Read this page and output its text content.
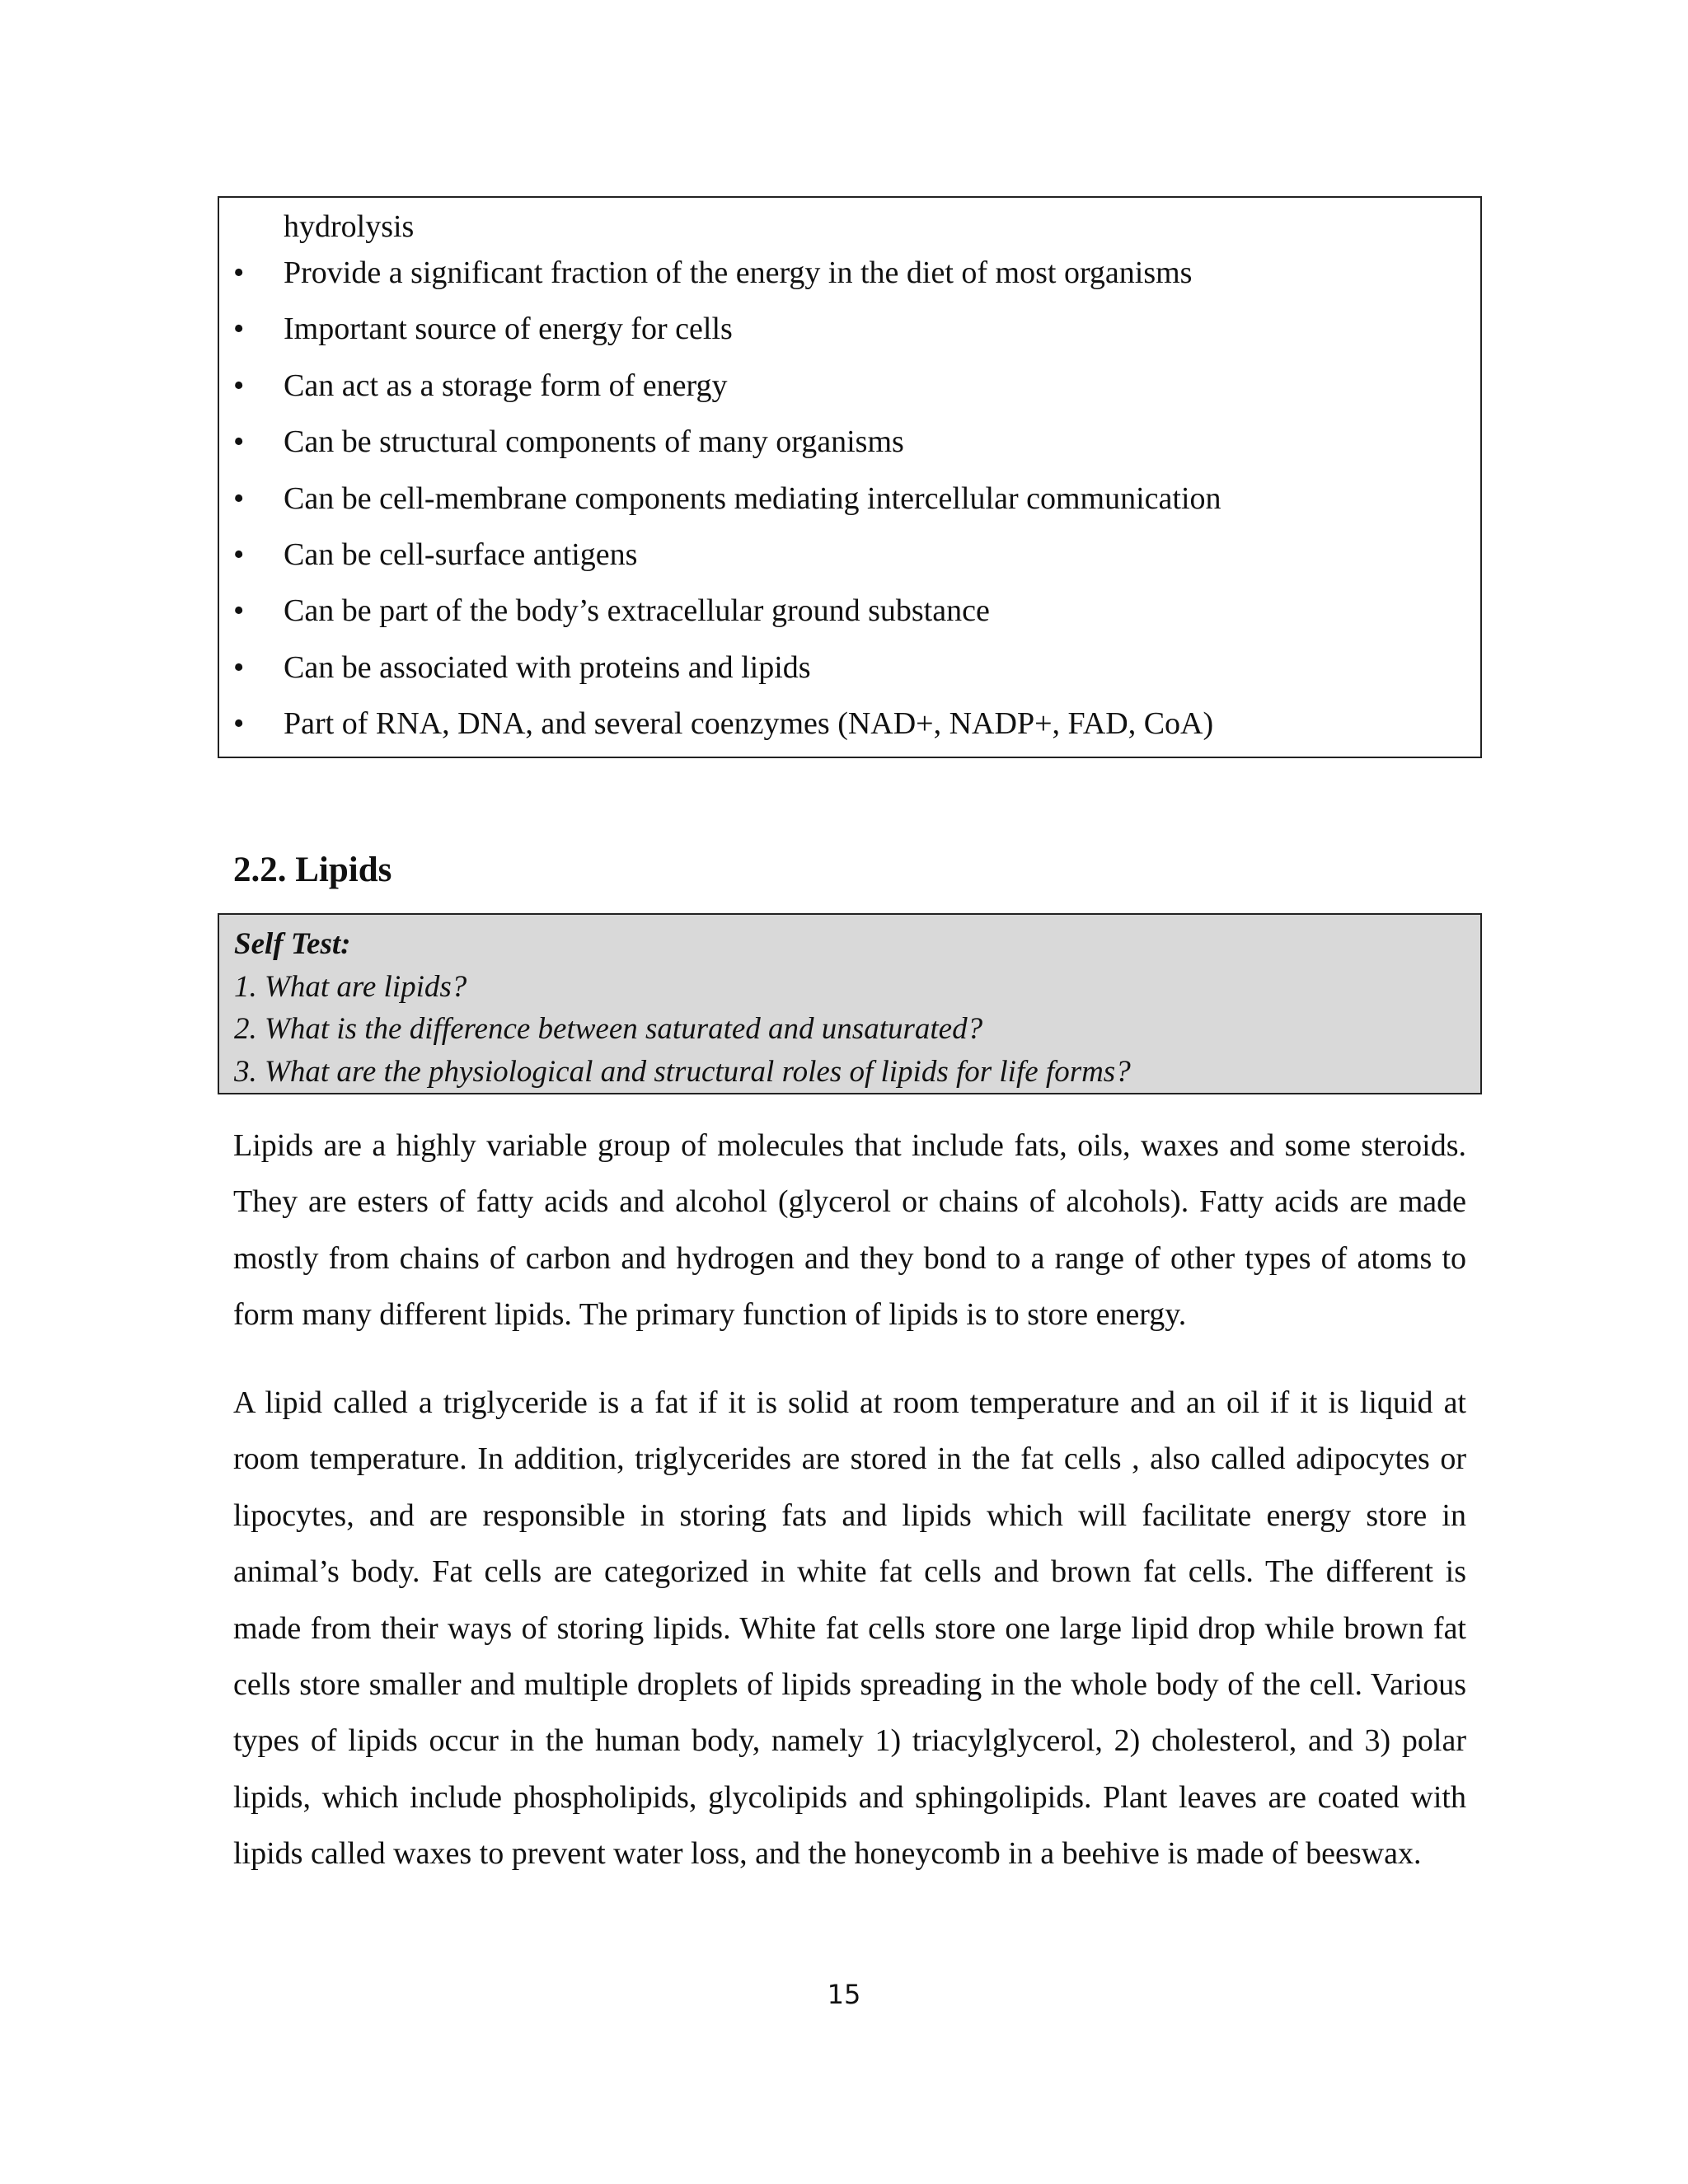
hydrolysis

• Provide a significant fraction of the energy in the diet of most organisms
• Important source of energy for cells
• Can act as a storage form of energy
• Can be structural components of many organisms
• Can be cell-membrane components mediating intercellular communication
• Can be cell-surface antigens
• Can be part of the body’s extracellular ground substance
• Can be associated with proteins and lipids
• Part of RNA, DNA, and several coenzymes (NAD+, NADP+, FAD, CoA)
2.2. Lipids
Self Test:
1. What are lipids?
2. What is the difference between saturated and unsaturated?
3. What are the physiological and structural roles of lipids for life forms?

Lipids are a highly variable group of molecules that include fats, oils, waxes and some steroids. They are esters of fatty acids and alcohol (glycerol or chains of alcohols). Fatty acids are made mostly from chains of carbon and hydrogen and they bond to a range of other types of atoms to form many different lipids. The primary function of lipids is to store energy.

A lipid called a triglyceride is a fat if it is solid at room temperature and an oil if it is liquid at room temperature. In addition, triglycerides are stored in the fat cells , also called adipocytes or lipocytes, and are responsible in storing fats and lipids which will facilitate energy store in animal’s body. Fat cells are categorized in white fat cells and brown fat cells. The different is made from their ways of storing lipids. White fat cells store one large lipid drop while brown fat cells store smaller and multiple droplets of lipids spreading in the whole body of the cell. Various types of lipids occur in the human body, namely 1) triacylglycerol, 2) cholesterol, and 3) polar lipids, which include phospholipids, glycolipids and sphingolipids. Plant leaves are coated with lipids called waxes to prevent water loss, and the honeycomb in a beehive is made of beeswax.

15
